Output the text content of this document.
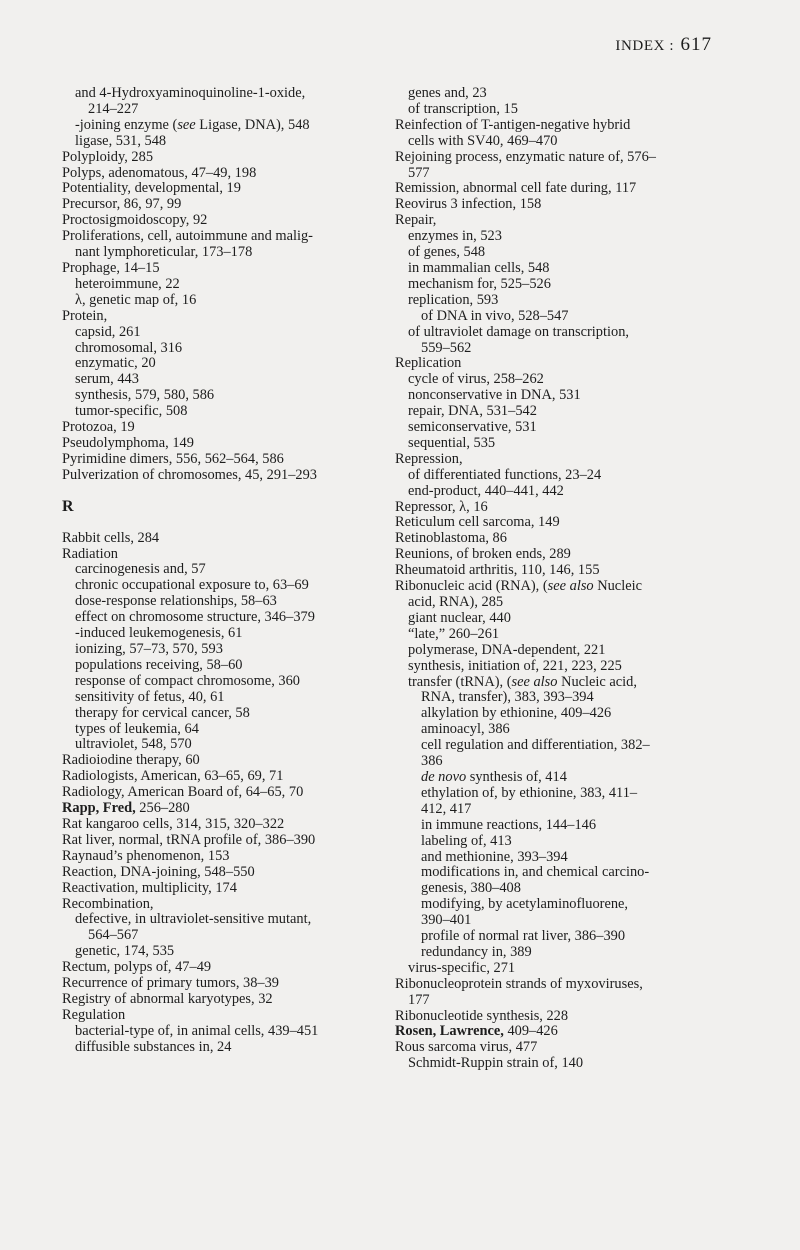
INDEX : 617
and 4-Hydroxyaminoquinoline-1-oxide,
214–227
-joining enzyme (see Ligase, DNA), 548
ligase, 531, 548
Polyploidy, 285
Polyps, adenomatous, 47–49, 198
Potentiality, developmental, 19
Precursor, 86, 97, 99
Proctosigmoidoscopy, 92
Proliferations, cell, autoimmune and malig-
nant lymphoreticular, 173–178
Prophage, 14–15
heteroimmune, 22
λ, genetic map of, 16
Protein,
capsid, 261
chromosomal, 316
enzymatic, 20
serum, 443
synthesis, 579, 580, 586
tumor-specific, 508
Protozoa, 19
Pseudolymphoma, 149
Pyrimidine dimers, 556, 562–564, 586
Pulverization of chromosomes, 45, 291–293
R
Rabbit cells, 284
Radiation
carcinogenesis and, 57
chronic occupational exposure to, 63–69
dose-response relationships, 58–63
effect on chromosome structure, 346–379
-induced leukemogenesis, 61
ionizing, 57–73, 570, 593
populations receiving, 58–60
response of compact chromosome, 360
sensitivity of fetus, 40, 61
therapy for cervical cancer, 58
types of leukemia, 64
ultraviolet, 548, 570
Radioiodine therapy, 60
Radiologists, American, 63–65, 69, 71
Radiology, American Board of, 64–65, 70
Rapp, Fred, 256–280
Rat kangaroo cells, 314, 315, 320–322
Rat liver, normal, tRNA profile of, 386–390
Raynaud’s phenomenon, 153
Reaction, DNA-joining, 548–550
Reactivation, multiplicity, 174
Recombination,
defective, in ultraviolet-sensitive mutant,
564–567
genetic, 174, 535
Rectum, polyps of, 47–49
Recurrence of primary tumors, 38–39
Registry of abnormal karyotypes, 32
Regulation
bacterial-type of, in animal cells, 439–451
diffusible substances in, 24
genes and, 23
of transcription, 15
Reinfection of T-antigen-negative hybrid
cells with SV40, 469–470
Rejoining process, enzymatic nature of, 576–
577
Remission, abnormal cell fate during, 117
Reovirus 3 infection, 158
Repair,
enzymes in, 523
of genes, 548
in mammalian cells, 548
mechanism for, 525–526
replication, 593
of DNA in vivo, 528–547
of ultraviolet damage on transcription,
559–562
Replication
cycle of virus, 258–262
nonconservative in DNA, 531
repair, DNA, 531–542
semiconservative, 531
sequential, 535
Repression,
of differentiated functions, 23–24
end-product, 440–441, 442
Repressor, λ, 16
Reticulum cell sarcoma, 149
Retinoblastoma, 86
Reunions, of broken ends, 289
Rheumatoid arthritis, 110, 146, 155
Ribonucleic acid (RNA), (see also Nucleic
acid, RNA), 285
giant nuclear, 440
“late,” 260–261
polymerase, DNA-dependent, 221
synthesis, initiation of, 221, 223, 225
transfer (tRNA), (see also Nucleic acid,
RNA, transfer), 383, 393–394
alkylation by ethionine, 409–426
aminoacyl, 386
cell regulation and differentiation, 382–
386
de novo synthesis of, 414
ethylation of, by ethionine, 383, 411–
412, 417
in immune reactions, 144–146
labeling of, 413
and methionine, 393–394
modifications in, and chemical carcino-
genesis, 380–408
modifying, by acetylaminofluorene,
390–401
profile of normal rat liver, 386–390
redundancy in, 389
virus-specific, 271
Ribonucleoprotein strands of myxoviruses,
177
Ribonucleotide synthesis, 228
Rosen, Lawrence, 409–426
Rous sarcoma virus, 477
Schmidt-Ruppin strain of, 140
